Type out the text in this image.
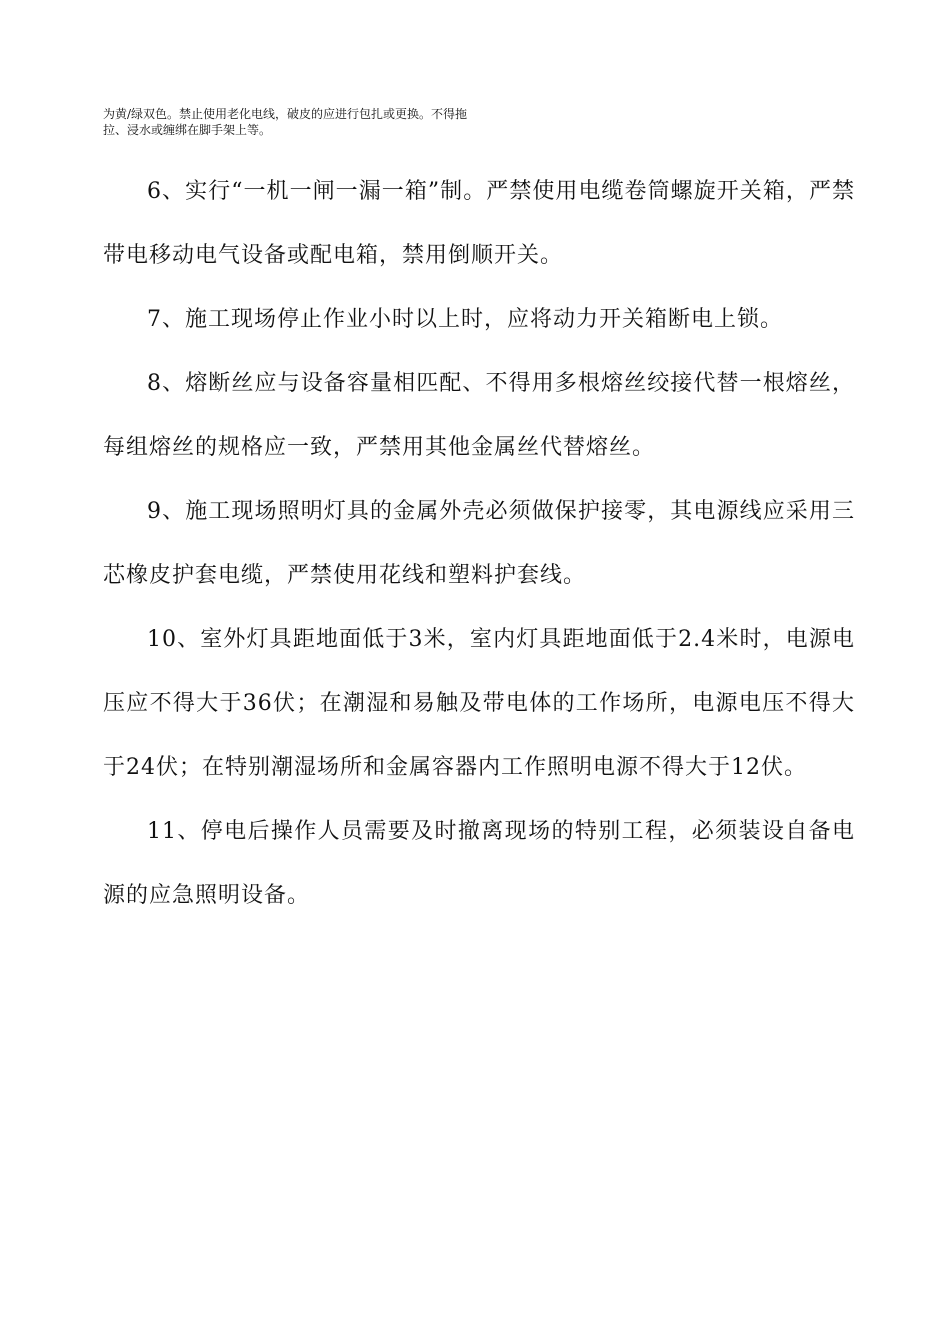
为黄/绿双色。禁止使用老化电线，破皮的应进行包扎或更换。不得拖
拉、浸水或缠绑在脚手架上等。

6、实行“一机一闸一漏一箱”制。严禁使用电缆卷筒螺旋开关箱，严禁带电移动电气设备或配电箱，禁用倒顺开关。

7、施工现场停止作业小时以上时，应将动力开关箱断电上锁。

8、熔断丝应与设备容量相匹配、不得用多根熔丝绞接代替一根熔丝，每组熔丝的规格应一致，严禁用其他金属丝代替熔丝。

9、施工现场照明灯具的金属外壳必须做保护接零，其电源线应采用三芯橡皮护套电缆，严禁使用花线和塑料护套线。

10、室外灯具距地面低于3米，室内灯具距地面低于2.4米时，电源电压应不得大于36伏；在潮湿和易触及带电体的工作场所，电源电压不得大于24伏；在特别潮湿场所和金属容器内工作照明电源不得大于12伏。

11、停电后操作人员需要及时撤离现场的特别工程，必须装设自备电源的应急照明设备。
